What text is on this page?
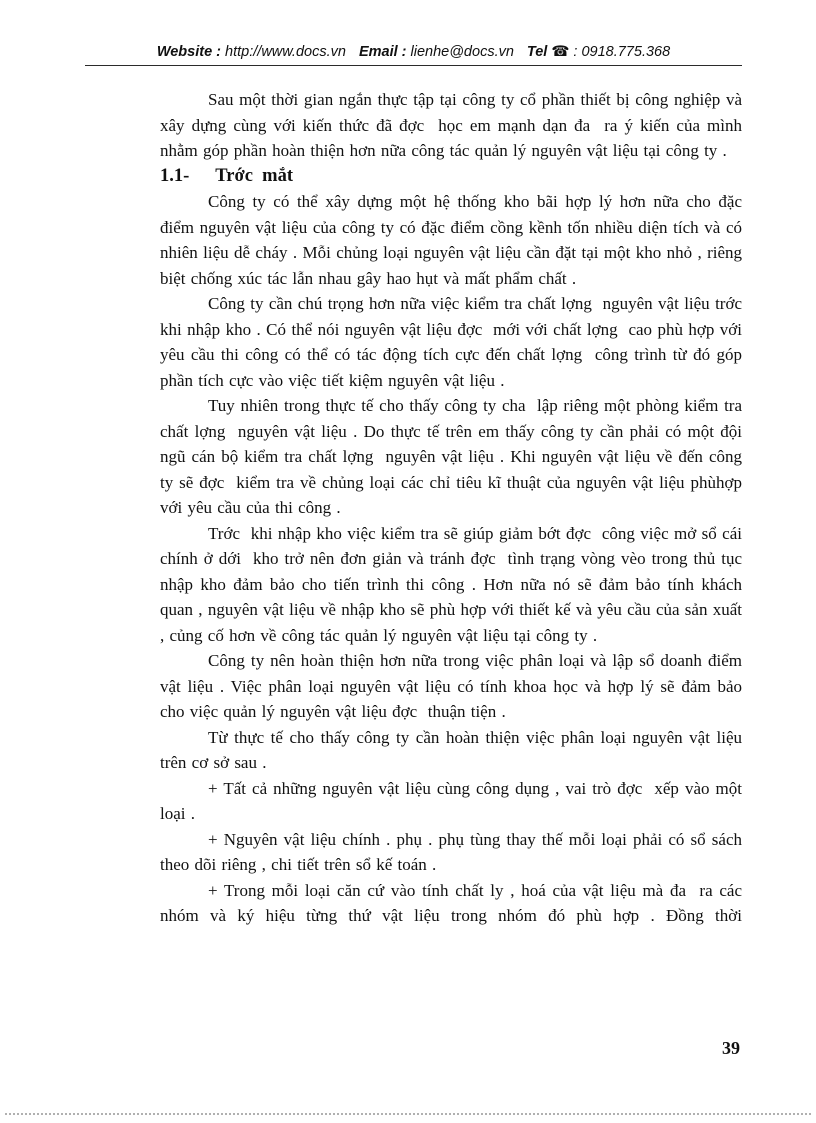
Website : http://www.docs.vn Email : lienhe@docs.vn Tel ☎ : 0918.775.368

Sau một thời gian ngắn thực tập tại công ty cổ phần thiết bị công nghiệp và xây dựng cùng với kiến thức đã đợc  học em mạnh dạn đa  ra ý kiến của mình nhằm góp phần hoàn thiện hơn nữa công tác quản lý nguyên vật liệu tại công ty .

1.1- Trớc  mắt

Công ty có thể xây dựng một hệ thống kho bãi hợp lý hơn nữa cho đặc điểm nguyên vật liệu của công ty có đặc điểm cồng kềnh tốn nhiều diện tích và có nhiên liệu dễ cháy . Mỗi chủng loại nguyên vật liệu cần đặt tại một kho nhỏ , riêng biệt chống xúc tác lẫn nhau gây hao hụt và mất phẩm chất .

Công ty cần chú trọng hơn nữa việc kiểm tra chất lợng  nguyên vật liệu trớc  khi nhập kho . Có thể nói nguyên vật liệu đợc  mới với chất lợng  cao phù hợp với yêu cầu thi công có thể có tác động tích cực đến chất lợng  công trình từ đó góp phần tích cực vào việc tiết kiệm nguyên vật liệu .

Tuy nhiên trong thực tế cho thấy công ty cha  lập riêng một phòng kiểm tra chất lợng  nguyên vật liệu . Do thực tế trên em thấy công ty cần phải có một đội ngũ cán bộ kiểm tra chất lợng  nguyên vật liệu . Khi nguyên vật liệu về đến công ty sẽ đợc  kiểm tra về chủng loại các chỉ tiêu kĩ thuật của nguyên vật liệu phùhợp với yêu cầu của thi công .

Trớc  khi nhập kho việc kiểm tra sẽ giúp giảm bớt đợc  công việc mở sổ cái chính ở dới  kho trở nên đơn giản và tránh đợc  tình trạng vòng vèo trong thủ tục nhập kho đảm bảo cho tiến trình thi công . Hơn nữa nó sẽ đảm bảo tính khách quan , nguyên vật liệu về nhập kho sẽ phù hợp với thiết kế và yêu cầu của sản xuất , củng cố hơn về công tác quản lý nguyên vật liệu tại công ty .

Công ty nên hoàn thiện hơn nữa trong việc phân loại và lập sổ doanh điểm vật liệu . Việc phân loại nguyên vật liệu có tính khoa học và hợp lý sẽ đảm bảo cho việc quản lý nguyên vật liệu đợc  thuận tiện .

Từ thực tế cho thấy công ty cần hoàn thiện việc phân loại nguyên vật liệu trên cơ sở sau .

+ Tất cả những nguyên vật liệu cùng công dụng , vai trò đợc  xếp vào một loại .

+ Nguyên vật liệu chính . phụ . phụ tùng thay thế mỗi loại phải có sổ sách theo dõi riêng , chi tiết trên sổ kế toán .

+ Trong mỗi loại căn cứ vào tính chất ly , hoá của vật liệu mà đa  ra các nhóm và ký hiệu từng thứ vật liệu trong nhóm đó phù hợp . Đồng thời

39
